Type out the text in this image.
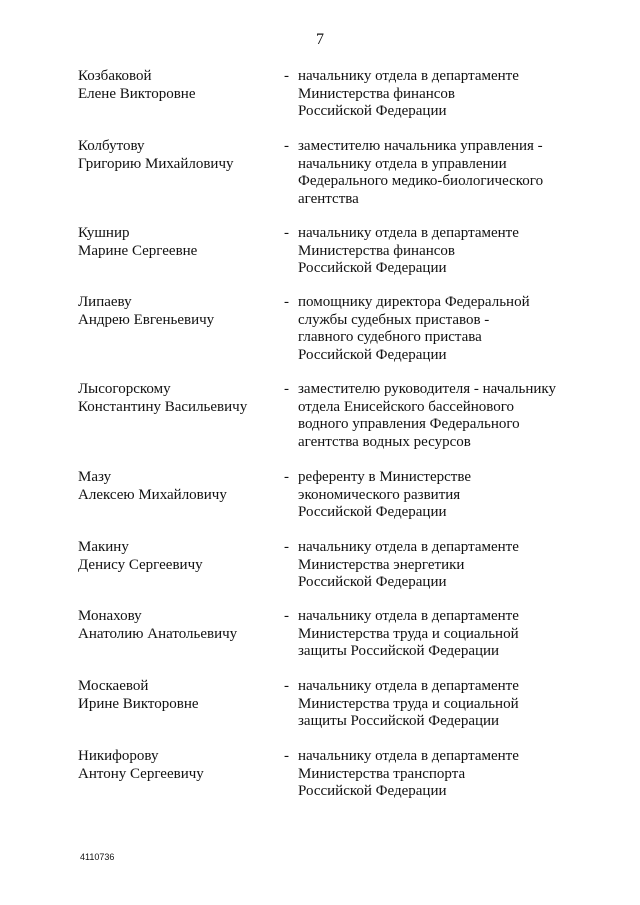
7
Козбаковой
Елене Викторовне
- начальнику отдела в департаменте
Министерства финансов
Российской Федерации
Колбутову
Григорию Михайловичу
- заместителю начальника управления -
начальнику отдела в управлении
Федерального медико-биологического
агентства
Кушнир
Марине Сергеевне
- начальнику отдела в департаменте
Министерства финансов
Российской Федерации
Липаеву
Андрею Евгеньевичу
- помощнику директора Федеральной
службы судебных приставов -
главного судебного пристава
Российской Федерации
Лысогорскому
Константину Васильевичу
- заместителю руководителя - начальнику
отдела Енисейского бассейнового
водного управления Федерального
агентства водных ресурсов
Мазу
Алексею Михайловичу
- референту в Министерстве
экономического развития
Российской Федерации
Макину
Денису Сергеевичу
- начальнику отдела в департаменте
Министерства энергетики
Российской Федерации
Монахову
Анатолию Анатольевичу
- начальнику отдела в департаменте
Министерства труда и социальной
защиты Российской Федерации
Москаевой
Ирине Викторовне
- начальнику отдела в департаменте
Министерства труда и социальной
защиты Российской Федерации
Никифорову
Антону Сергеевичу
- начальнику отдела в департаменте
Министерства транспорта
Российской Федерации
4110736
